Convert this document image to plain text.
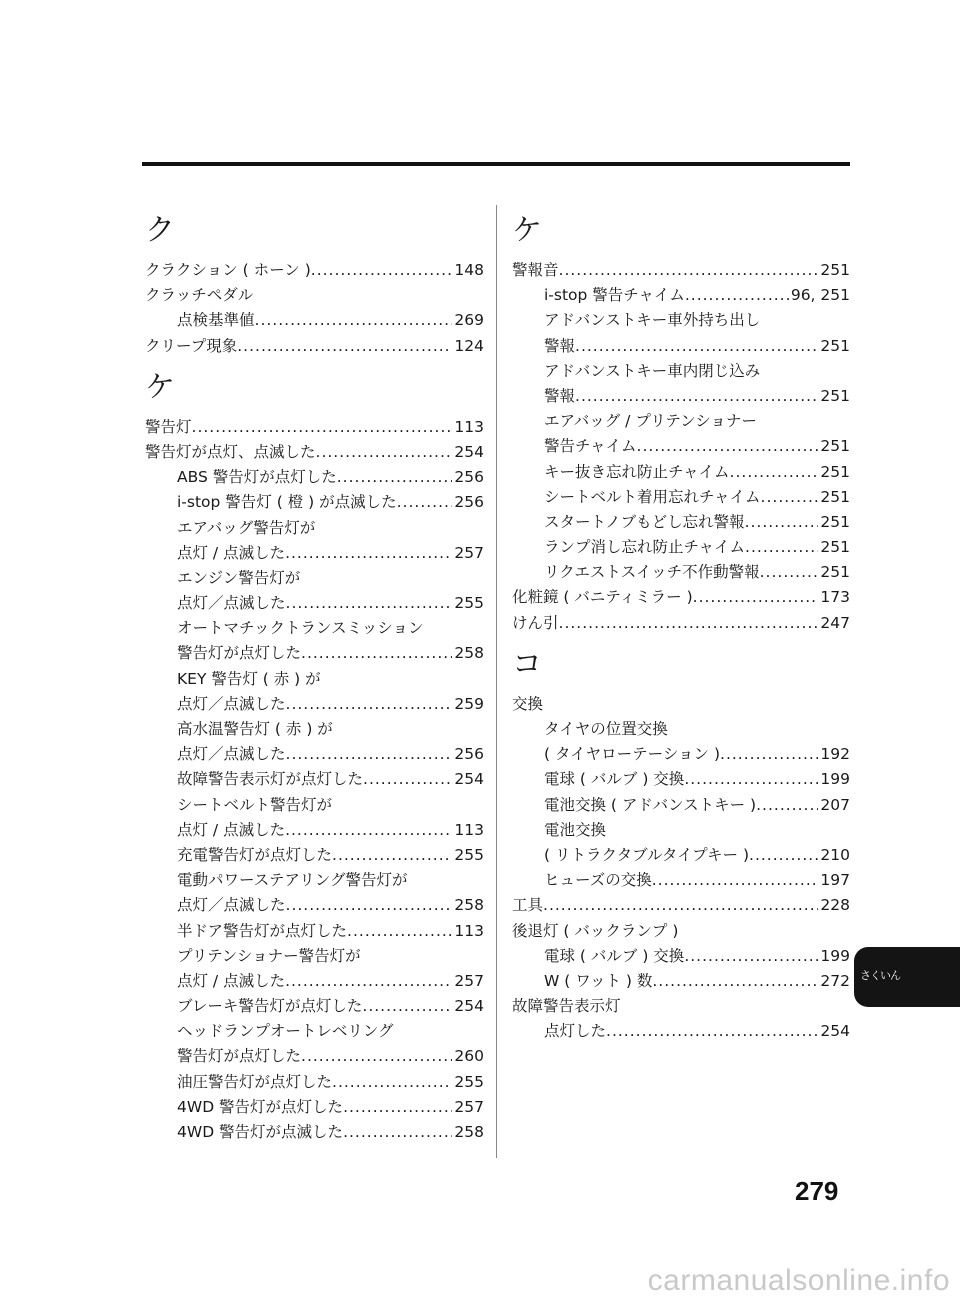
ク
クラクション ( ホーン ) .....	148
クラッチペダル
点検基準値 .....	269
クリープ現象 .....	124
ケ
警告灯 .....	113
警告灯が点灯、点滅した .....	254
ABS 警告灯が点灯した .....	256
i-stop 警告灯 ( 橙 ) が点滅した .....	256
エアバッグ警告灯が
点灯 / 点滅した .....	257
エンジン警告灯が
点灯／点滅した .....	255
オートマチックトランスミッション
警告灯が点灯した .....	258
KEY 警告灯 ( 赤 ) が
点灯／点滅した .....	259
高水温警告灯 ( 赤 ) が
点灯／点滅した .....	256
故障警告表示灯が点灯した .....	254
シートベルト警告灯が
点灯 / 点滅した .....	113
充電警告灯が点灯した .....	255
電動パワーステアリング警告灯が
点灯／点滅した .....	258
半ドア警告灯が点灯した .....	113
プリテンショナー警告灯が
点灯 / 点滅した .....	257
ブレーキ警告灯が点灯した .....	254
ヘッドランプオートレベリング
警告灯が点灯した .....	260
油圧警告灯が点灯した .....	255
4WD 警告灯が点灯した .....	257
4WD 警告灯が点滅した .....	258
ケ
警報音 .....	251
i-stop 警告チャイム .....	96, 251
アドバンストキー車外持ち出し
警報 .....	251
アドバンストキー車内閉じ込み
警報 .....	251
エアバッグ / プリテンショナー
警告チャイム .....	251
キー抜き忘れ防止チャイム .....	251
シートベルト着用忘れチャイム .....	251
スタートノブもどし忘れ警報 .....	251
ランプ消し忘れ防止チャイム .....	251
リクエストスイッチ不作動警報 .....	251
化粧鏡 ( バニティミラー ) .....	173
けん引 .....	247
コ
交換
タイヤの位置交換
( タイヤローテーション ) .....	192
電球 ( バルブ ) 交換 .....	199
電池交換 ( アドバンストキー ) .....	207
電池交換
( リトラクタブルタイプキー ) .....	210
ヒューズの交換 .....	197
工具 .....	228
後退灯 ( バックランプ )
電球 ( バルブ ) 交換 .....	199
W ( ワット ) 数 .....	272
故障警告表示灯
点灯した .....	254
さくいん
279
carmanualsonline.info
